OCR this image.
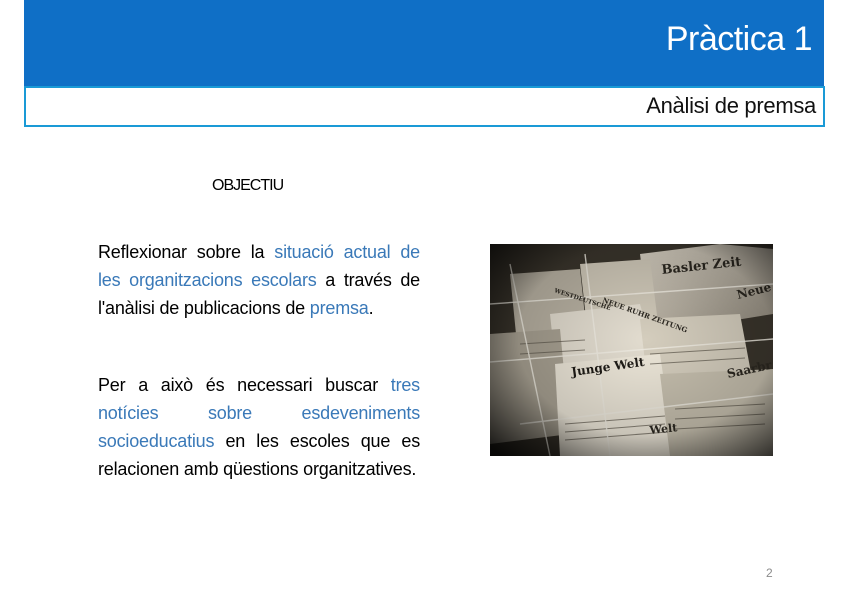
Pràctica 1
Anàlisi de premsa
OBJECTIU
Reflexionar sobre la situació actual de les organitzacions escolars a través de l'anàlisi de publicacions de premsa.
Per a això és necessari buscar tres notícies sobre esdeveniments socioeducatius en les escoles que es relacionen amb qüestions organitzatives.
2
